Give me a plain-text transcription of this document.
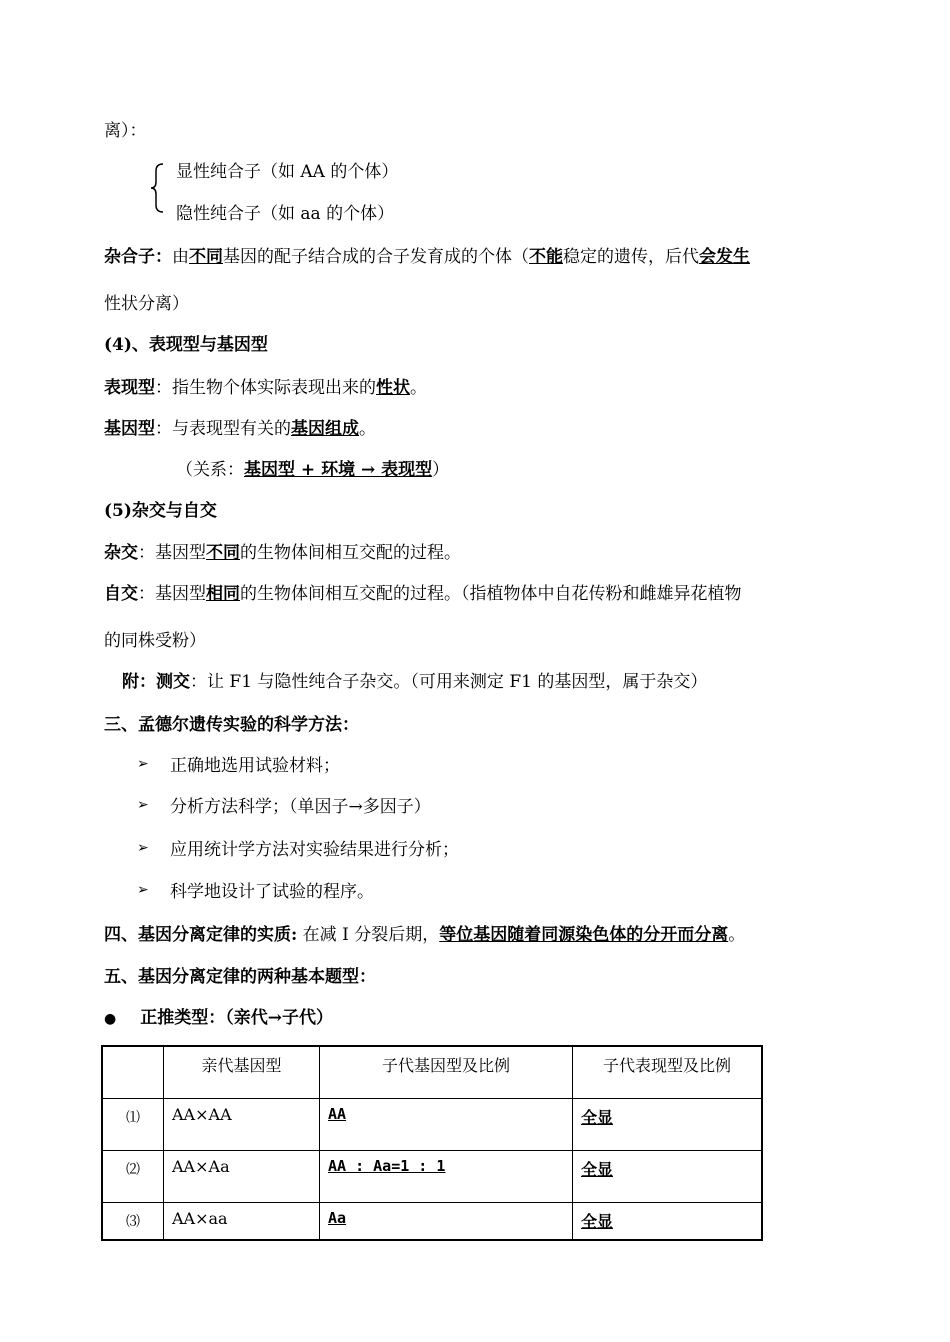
离）：
显性纯合子（如 AA 的个体）
隐性纯合子（如 aa 的个体）
杂合子：由不同基因的配子结合成的合子发育成的个体（不能稳定的遗传，后代会发生
性状分离）
(4)、表现型与基因型
表现型：指生物个体实际表现出来的性状。
基因型：与表现型有关的基因组成。
（关系：基因型 + 环境 → 表现型）
(5)杂交与自交
杂交：基因型不同的生物体间相互交配的过程。
自交：基因型相同的生物体间相互交配的过程。（指植物体中自花传粉和雌雄异花植物
的同株受粉）
附：测交：让 F1 与隐性纯合子杂交。（可用来测定 F1 的基因型，属于杂交）
三、孟德尔遗传实验的科学方法：
➢ 正确地选用试验材料；
➢ 分析方法科学；（单因子→多因子）
➢ 应用统计学方法对实验结果进行分析；
➢ 科学地设计了试验的程序。
四、基因分离定律的实质: 在减 I 分裂后期，等位基因随着同源染色体的分开而分离。
五、基因分离定律的两种基本题型：
● 正推类型：（亲代→子代）
	亲代基因型	子代基因型及比例	子代表现型及比例
⑴	AA×AA	AA	全显
⑵	AA×Aa	AA : Aa=1 : 1	全显
⑶	AA×aa	Aa	全显
